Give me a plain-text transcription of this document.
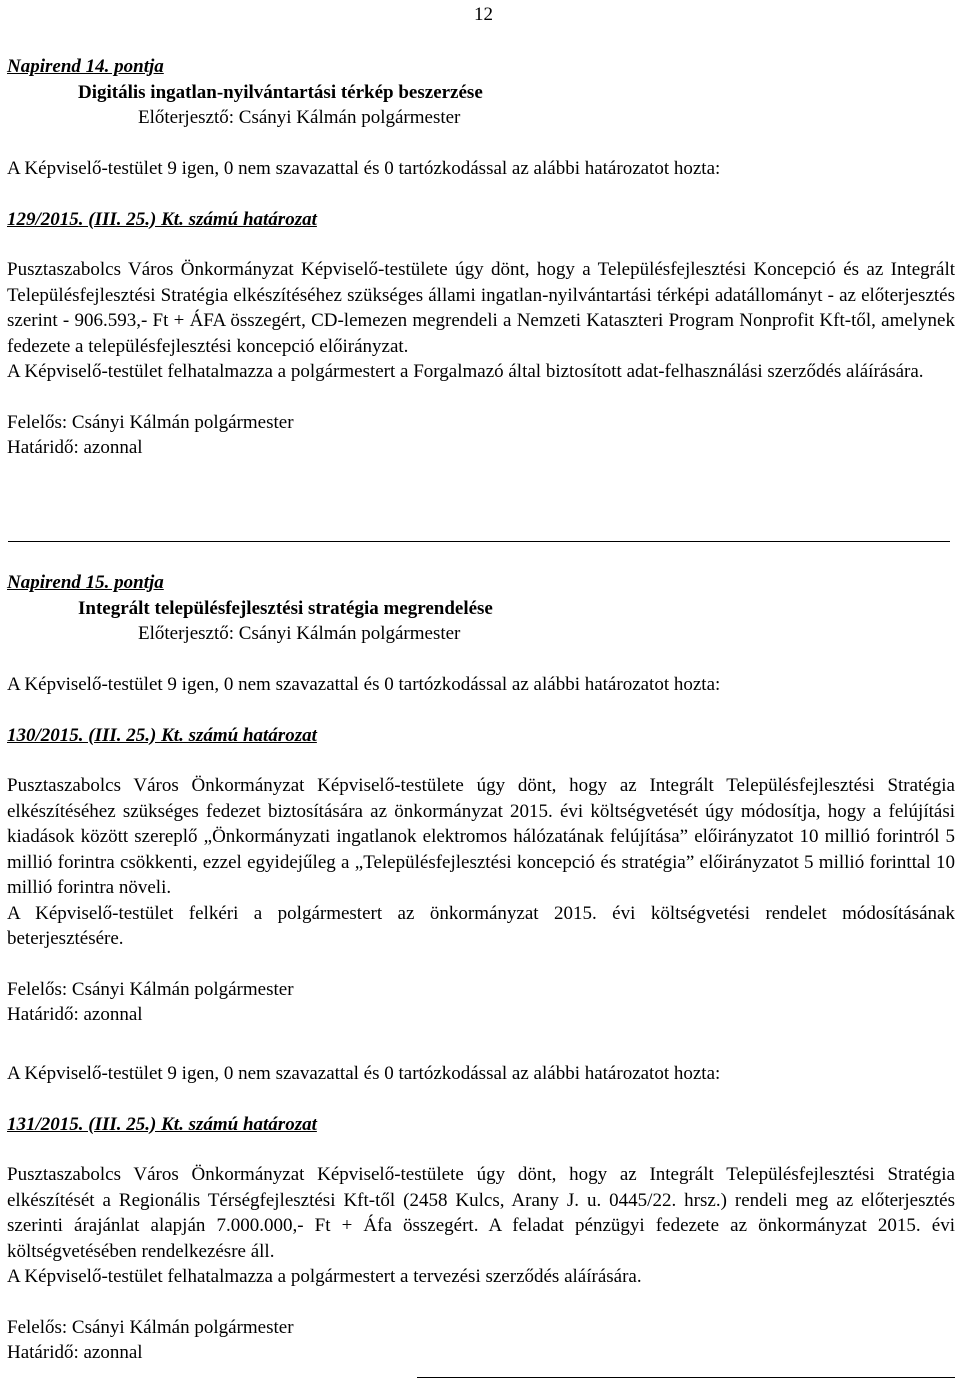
12
Napirend 14. pontja
Digitális ingatlan-nyilvántartási térkép beszerzése
Előterjesztő: Csányi Kálmán polgármester
A Képviselő-testület 9 igen, 0 nem szavazattal és 0 tartózkodással az alábbi határozatot hozta:
129/2015. (III. 25.) Kt. számú határozat
Pusztaszabolcs Város Önkormányzat Képviselő-testülete úgy dönt, hogy a Településfejlesztési Koncepció és az Integrált Településfejlesztési Stratégia elkészítéséhez szükséges állami ingatlan-nyilvántartási térképi adatállományt - az előterjesztés szerint - 906.593,- Ft + ÁFA összegért, CD-lemezen megrendeli a Nemzeti Kataszteri Program Nonprofit Kft-től, amelynek fedezete a településfejlesztési koncepció előirányzat.
A Képviselő-testület felhatalmazza a polgármestert a Forgalmazó által biztosított adat-felhasználási szerződés aláírására.
Felelős: Csányi Kálmán polgármester
Határidő: azonnal
Napirend 15. pontja
Integrált településfejlesztési stratégia megrendelése
Előterjesztő: Csányi Kálmán polgármester
A Képviselő-testület 9 igen, 0 nem szavazattal és 0 tartózkodással az alábbi határozatot hozta:
130/2015. (III. 25.) Kt. számú határozat
Pusztaszabolcs Város Önkormányzat Képviselő-testülete úgy dönt, hogy az Integrált Településfejlesztési Stratégia elkészítéséhez szükséges fedezet biztosítására az önkormányzat 2015. évi költségvetését úgy módosítja, hogy a felújítási kiadások között szereplő „Önkormányzati ingatlanok elektromos hálózatának felújítása” előirányzatot 10 millió forintról 5 millió forintra csökkenti, ezzel egyidejűleg a „Településfejlesztési koncepció és stratégia” előirányzatot 5 millió forinttal 10 millió forintra növeli.
A Képviselő-testület felkéri a polgármestert az önkormányzat 2015. évi költségvetési rendelet módosításának beterjesztésére.
Felelős: Csányi Kálmán polgármester
Határidő: azonnal
A Képviselő-testület 9 igen, 0 nem szavazattal és 0 tartózkodással az alábbi határozatot hozta:
131/2015. (III. 25.) Kt. számú határozat
Pusztaszabolcs Város Önkormányzat Képviselő-testülete úgy dönt, hogy az Integrált Településfejlesztési Stratégia elkészítését a Regionális Térségfejlesztési Kft-től (2458 Kulcs, Arany J. u. 0445/22. hrsz.) rendeli meg az előterjesztés szerinti árajánlat alapján 7.000.000,- Ft + Áfa összegért. A feladat pénzügyi fedezete az önkormányzat 2015. évi költségvetésében rendelkezésre áll.
A Képviselő-testület felhatalmazza a polgármestert a tervezési szerződés aláírására.
Felelős: Csányi Kálmán polgármester
Határidő: azonnal
